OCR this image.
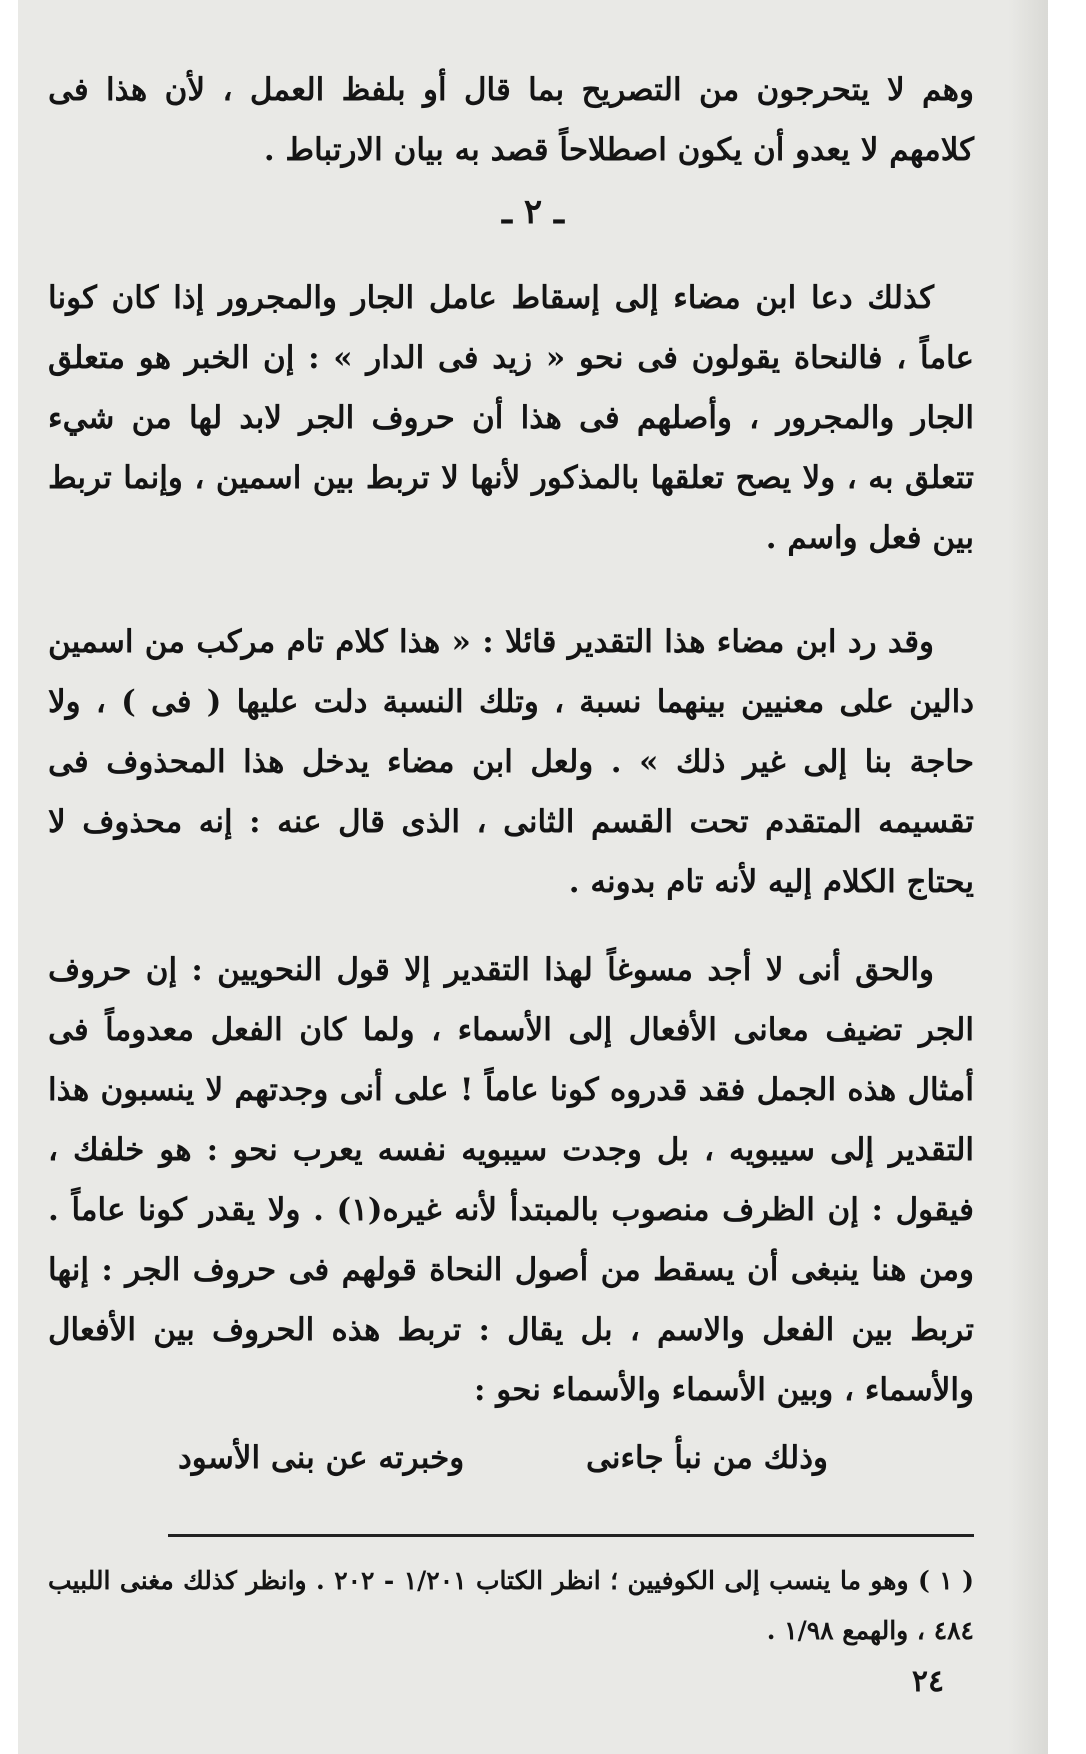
وهم لا يتحرجون من التصريح بما قال أو بلفظ العمل ، لأن هذا فى كلامهم لا يعدو أن يكون اصطلاحاً قصد به بيان الارتباط .

ـ ٢ ـ

كذلك دعا ابن مضاء إلى إسقاط عامل الجار والمجرور إذا كان كونا عاماً ، فالنحاة يقولون فى نحو « زيد فى الدار » : إن الخبر هو متعلق الجار والمجرور ، وأصلهم فى هذا أن حروف الجر لابد لها من شيء تتعلق به ، ولا يصح تعلقها بالمذكور لأنها لا تربط بين اسمين ، وإنما تربط بين فعل واسم .

وقد رد ابن مضاء هذا التقدير قائلا : « هذا كلام تام مركب من اسمين دالين على معنيين بينهما نسبة ، وتلك النسبة دلت عليها ( فى ) ، ولا حاجة بنا إلى غير ذلك » . ولعل ابن مضاء يدخل هذا المحذوف فى تقسيمه المتقدم تحت القسم الثانى ، الذى قال عنه : إنه محذوف لا يحتاج الكلام إليه لأنه تام بدونه .

والحق أنى لا أجد مسوغاً لهذا التقدير إلا قول النحويين : إن حروف الجر تضيف معانى الأفعال إلى الأسماء ، ولما كان الفعل معدوماً فى أمثال هذه الجمل فقد قدروه كونا عاماً ! على أنى وجدتهم لا ينسبون هذا التقدير إلى سيبويه ، بل وجدت سيبويه نفسه يعرب نحو : هو خلفك ، فيقول : إن الظرف منصوب بالمبتدأ لأنه غيره(١) . ولا يقدر كونا عاماً . ومن هنا ينبغى أن يسقط من أصول النحاة قولهم فى حروف الجر : إنها تربط بين الفعل والاسم ، بل يقال : تربط هذه الحروف بين الأفعال والأسماء ، وبين الأسماء والأسماء نحو :

وذلك من نبأ جاءنى
وخبرته عن بنى الأسود

( ١ ) وهو ما ينسب إلى الكوفيين ؛ انظر الكتاب ١/٢٠١ - ٢٠٢ . وانظر كذلك مغنى اللبيب ٤٨٤ ، والهمع ١/٩٨ .

٢٤
